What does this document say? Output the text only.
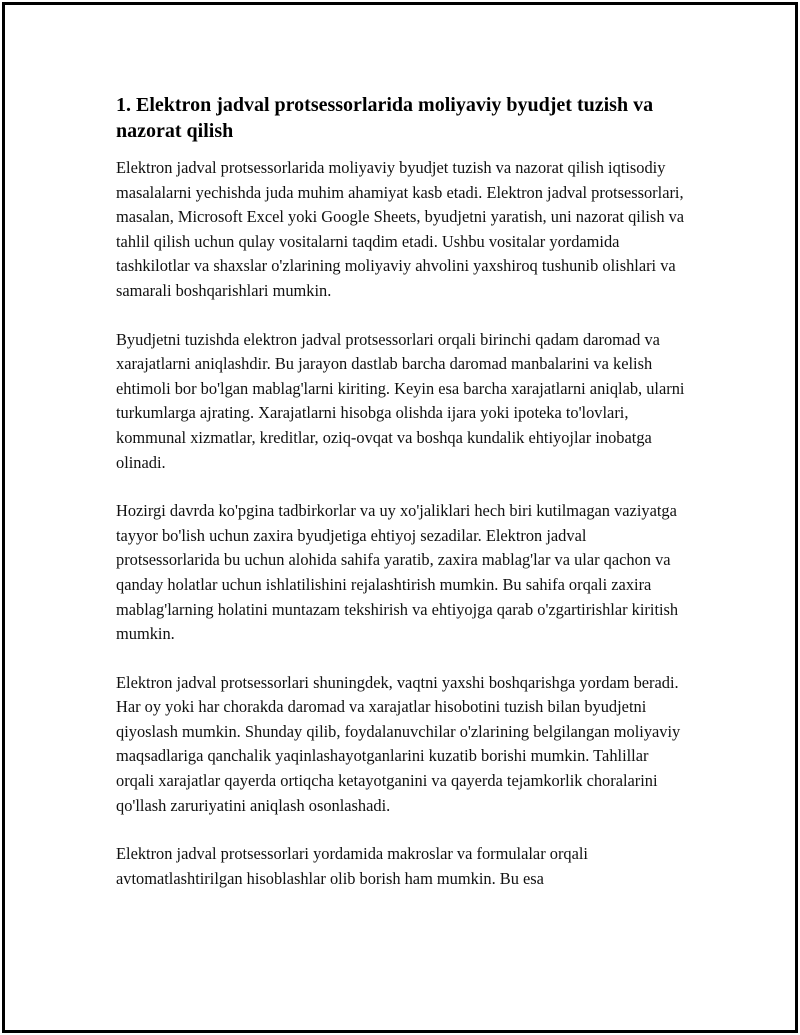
1. Elektron jadval protsessorlarida moliyaviy byudjet tuzish va nazorat qilish

Elektron jadval protsessorlarida moliyaviy byudjet tuzish va nazorat qilish iqtisodiy masalalarni yechishda juda muhim ahamiyat kasb etadi. Elektron jadval protsessorlari, masalan, Microsoft Excel yoki Google Sheets, byudjetni yaratish, uni nazorat qilish va tahlil qilish uchun qulay vositalarni taqdim etadi. Ushbu vositalar yordamida tashkilotlar va shaxslar o'zlarining moliyaviy ahvolini yaxshiroq tushunib olishlari va samarali boshqarishlari mumkin.

Byudjetni tuzishda elektron jadval protsessorlari orqali birinchi qadam daromad va xarajatlarni aniqlashdir. Bu jarayon dastlab barcha daromad manbalarini va kelish ehtimoli bor bo'lgan mablag'larni kiriting. Keyin esa barcha xarajatlarni aniqlab, ularni turkumlarga ajrating. Xarajatlarni hisobga olishda ijara yoki ipoteka to'lovlari, kommunal xizmatlar, kreditlar, oziq-ovqat va boshqa kundalik ehtiyojlar inobatga olinadi.

Hozirgi davrda ko'pgina tadbirkorlar va uy xo'jaliklari hech biri kutilmagan vaziyatga tayyor bo'lish uchun zaxira byudjetiga ehtiyoj sezadilar. Elektron jadval protsessorlarida bu uchun alohida sahifa yaratib, zaxira mablag'lar va ular qachon va qanday holatlar uchun ishlatilishini rejalashtirish mumkin. Bu sahifa orqali zaxira mablag'larning holatini muntazam tekshirish va ehtiyojga qarab o'zgartirishlar kiritish mumkin.

Elektron jadval protsessorlari shuningdek, vaqtni yaxshi boshqarishga yordam beradi. Har oy yoki har chorakda daromad va xarajatlar hisobotini tuzish bilan byudjetni qiyoslash mumkin. Shunday qilib, foydalanuvchilar o'zlarining belgilangan moliyaviy maqsadlariga qanchalik yaqinlashayotganlarini kuzatib borishi mumkin. Tahlillar orqali xarajatlar qayerda ortiqcha ketayotganini va qayerda tejamkorlik choralarini qo'llash zaruriyatini aniqlash osonlashadi.

Elektron jadval protsessorlari yordamida makroslar va formulalar orqali avtomatlashtirilgan hisoblashlar olib borish ham mumkin. Bu esa
